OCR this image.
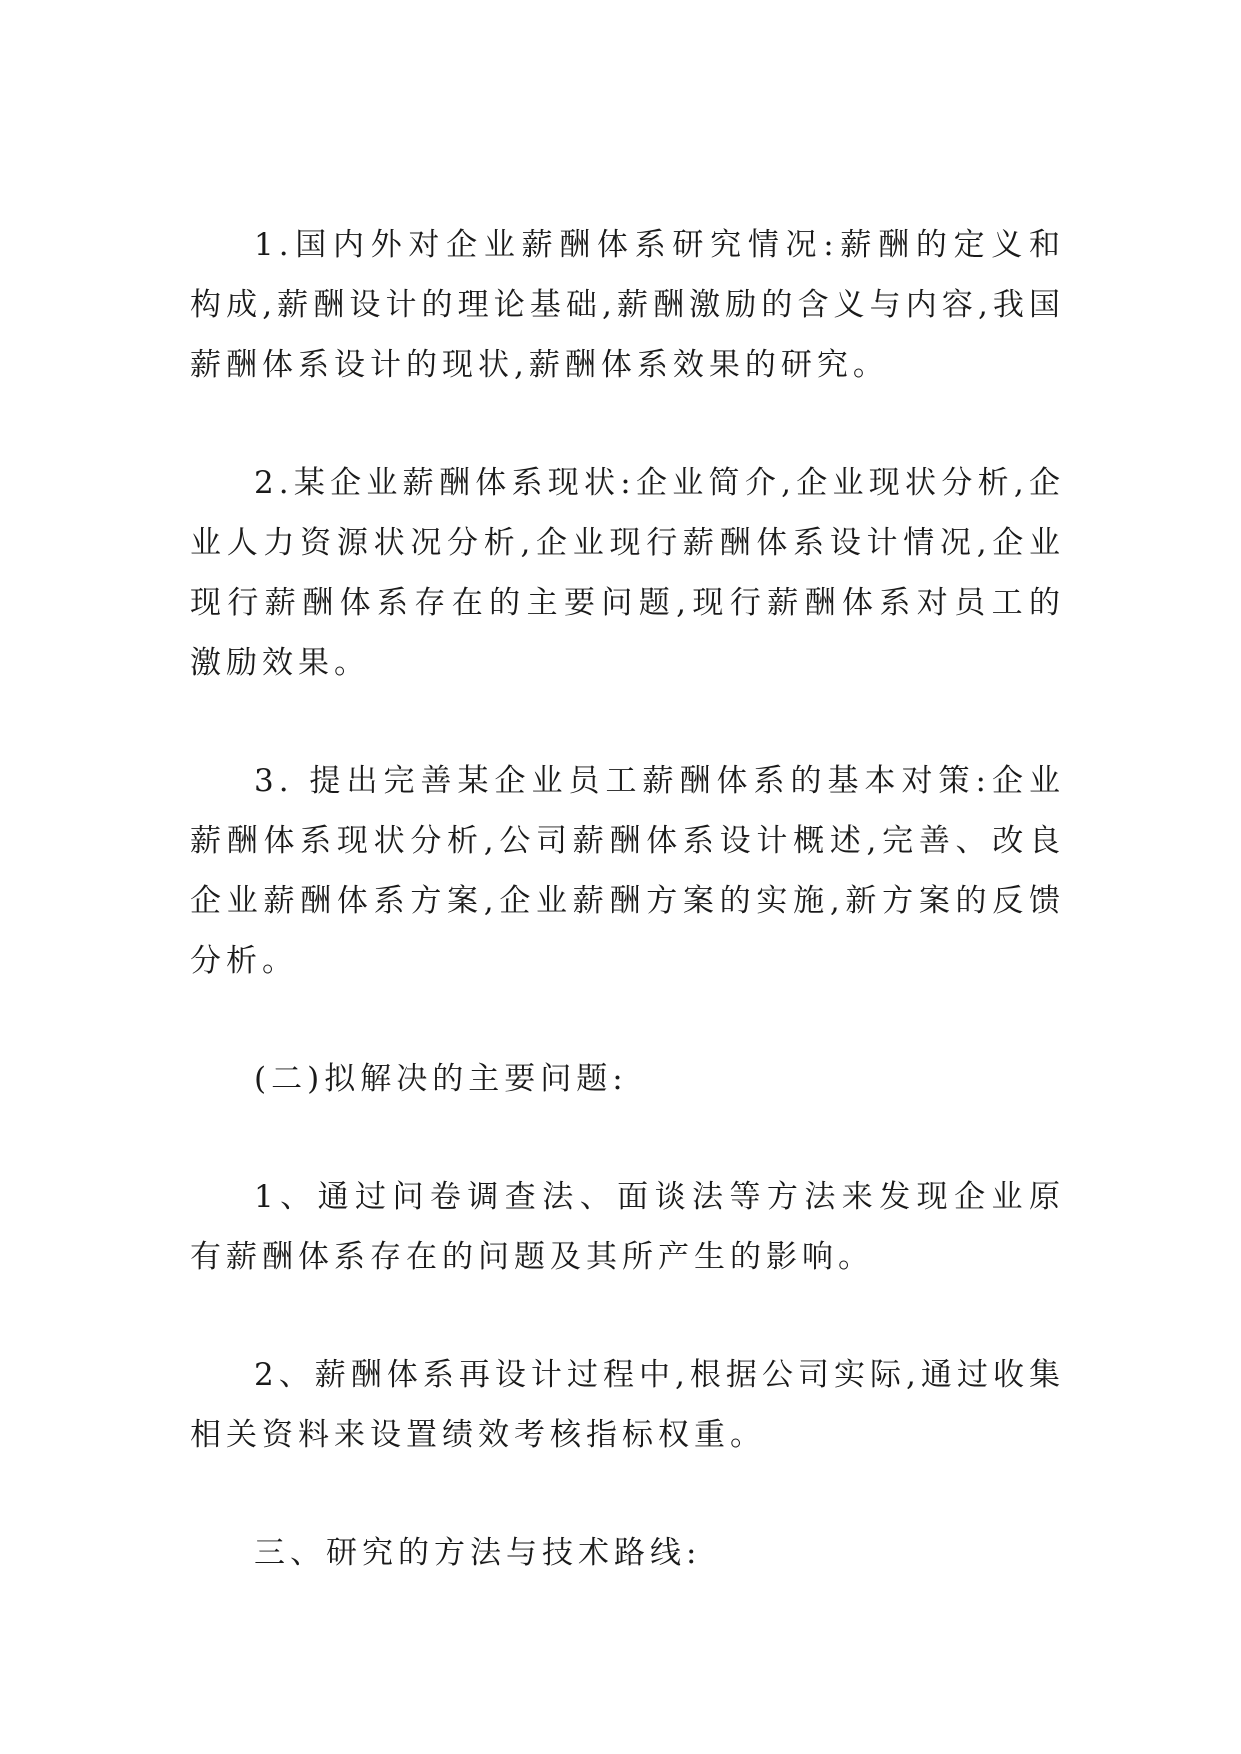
1.国内外对企业薪酬体系研究情况:薪酬的定义和构成,薪酬设计的理论基础,薪酬激励的含义与内容,我国薪酬体系设计的现状,薪酬体系效果的研究。

2.某企业薪酬体系现状:企业简介,企业现状分析,企业人力资源状况分析,企业现行薪酬体系设计情况,企业现行薪酬体系存在的主要问题,现行薪酬体系对员工的激励效果。

3. 提出完善某企业员工薪酬体系的基本对策:企业薪酬体系现状分析,公司薪酬体系设计概述,完善、改良企业薪酬体系方案,企业薪酬方案的实施,新方案的反馈分析。

(二)拟解决的主要问题:

1、通过问卷调查法、面谈法等方法来发现企业原有薪酬体系存在的问题及其所产生的影响。

2、薪酬体系再设计过程中,根据公司实际,通过收集相关资料来设置绩效考核指标权重。

三、研究的方法与技术路线:
